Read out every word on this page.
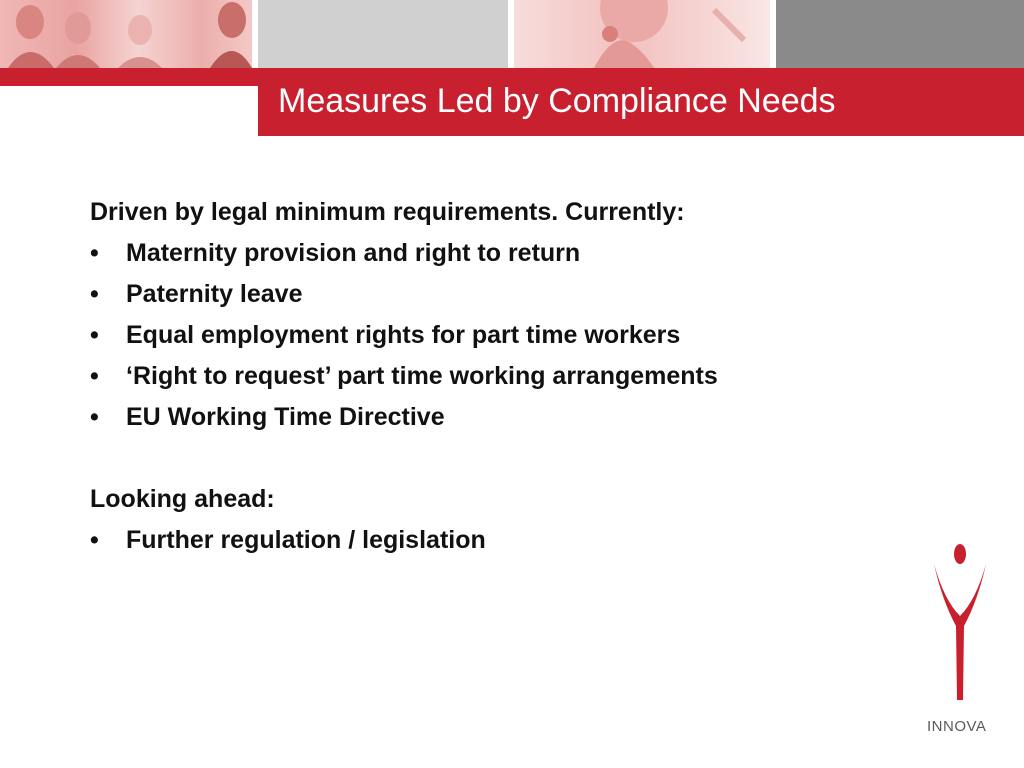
Measures Led by Compliance Needs
Driven by legal minimum requirements. Currently:
• Maternity provision and right to return
• Paternity leave
• Equal employment rights for part time workers
• ‘Right to request’ part time working arrangements
• EU Working Time Directive
Looking ahead:
• Further regulation / legislation
INNOVA
